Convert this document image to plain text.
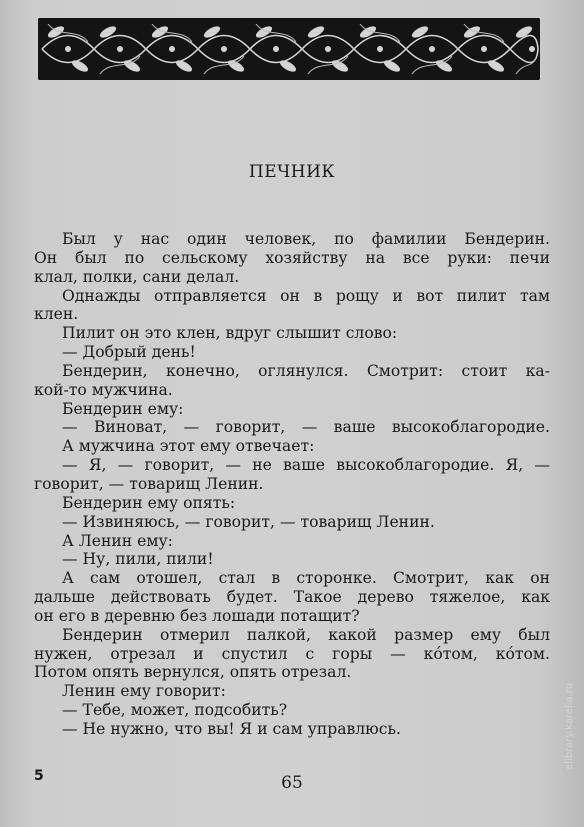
ПЕЧНИК
Был у нас один человек, по фамилии Бендерин.
Он был по сельскому хозяйству на все руки: печи
клал, полки, сани делал.
Однажды отправляется он в рощу и вот пилит там
клен.
Пилит он это клен, вдруг слышит слово:
— Добрый день!
Бендерин, конечно, оглянулся. Смотрит: стоит ка-
кой-то мужчина.
Бендерин ему:
— Виноват, — говорит, — ваше высокоблагородие.
А мужчина этот ему отвечает:
— Я, — говорит, — не ваше высокоблагородие. Я, —
говорит, — товарищ Ленин.
Бендерин ему опять:
— Извиняюсь, — говорит, — товарищ Ленин.
А Ленин ему:
— Ну, пили, пили!
А сам отошел, стал в сторонке. Смотрит, как он
дальше действовать будет. Такое дерево тяжелое, как
он его в деревню без лошади потащит?
Бендерин отмерил палкой, какой размер ему был
нужен, отрезал и спустил с горы — ко́том, ко́том.
Потом опять вернулся, опять отрезал.
Ленин ему говорит:
— Тебе, может, подсобить?
— Не нужно, что вы! Я и сам управлюсь.
5	65
elibrary.karelia.ru
